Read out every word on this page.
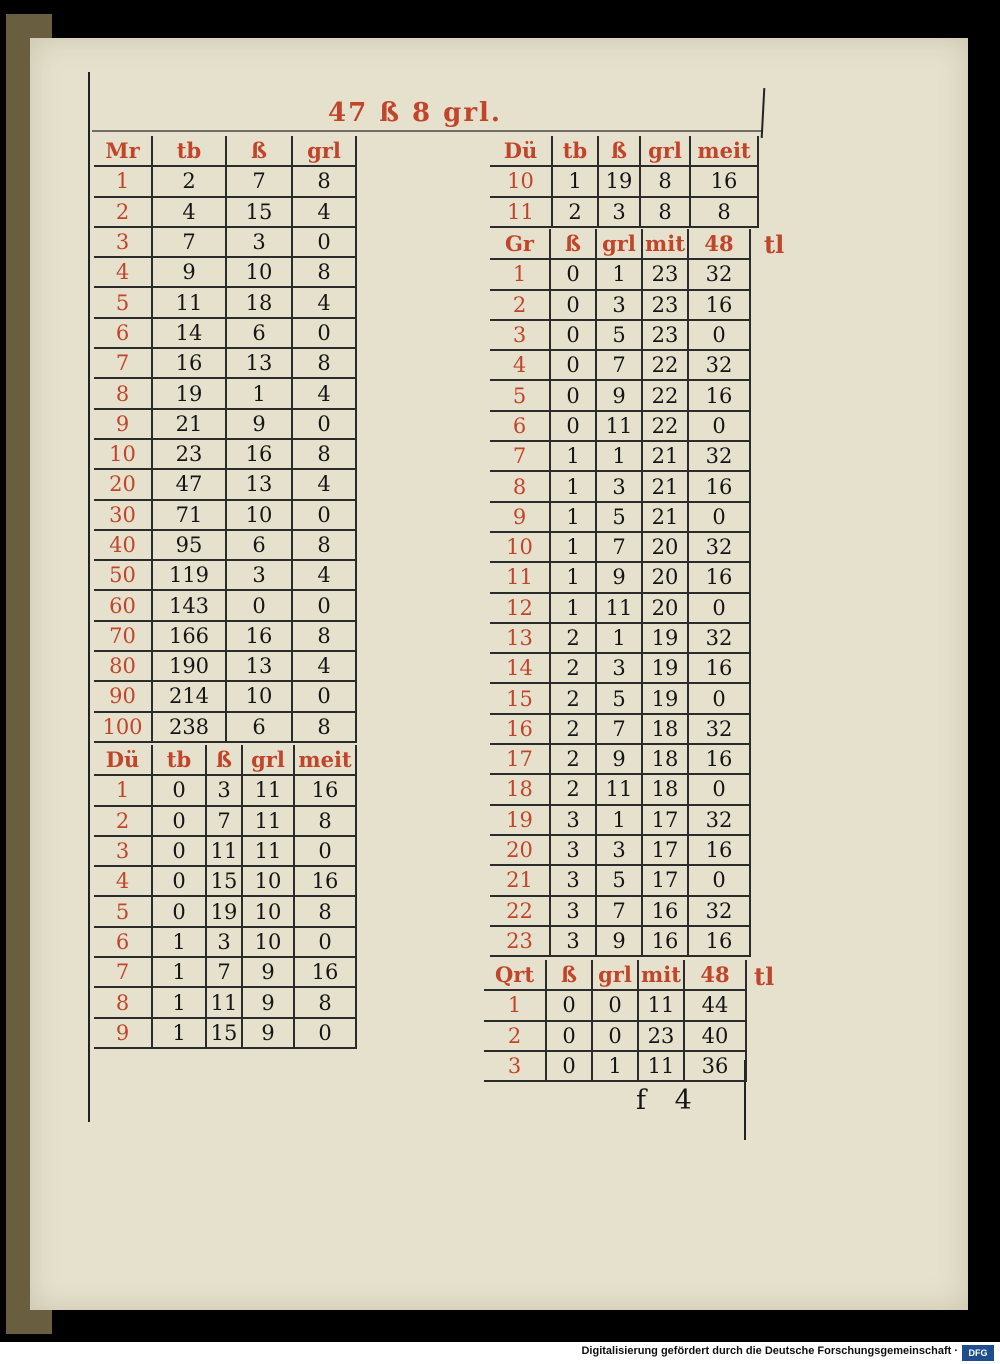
47 ß 8 grl.
Mr	tb	ß	grl
1	2	7	8
2	4	15	4
3	7	3	0
4	9	10	8
5	11	18	4
6	14	6	0
7	16	13	8
8	19	1	4
9	21	9	0
10	23	16	8
20	47	13	4
30	71	10	0
40	95	6	8
50	119	3	4
60	143	0	0
70	166	16	8
80	190	13	4
90	214	10	0
100	238	6	8
Dü	tb	ß	grl	meit
1	0	3	11	16
2	0	7	11	8
3	0	11	11	0
4	0	15	10	16
5	0	19	10	8
6	1	3	10	0
7	1	7	9	16
8	1	11	9	8
9	1	15	9	0
Dü	tb	ß	grl	meit
10	1	19	8	16
11	2	3	8	8
Gr	ß	grl	mit	48
1	0	1	23	32
2	0	3	23	16
3	0	5	23	0
4	0	7	22	32
5	0	9	22	16
6	0	11	22	0
7	1	1	21	32
8	1	3	21	16
9	1	5	21	0
10	1	7	20	32
11	1	9	20	16
12	1	11	20	0
13	2	1	19	32
14	2	3	19	16
15	2	5	19	0
16	2	7	18	32
17	2	9	18	16
18	2	11	18	0
19	3	1	17	32
20	3	3	17	16
21	3	5	17	0
22	3	7	16	32
23	3	9	16	16
tl
Qrt	ß	grl	mit	48
1	0	0	11	44
2	0	0	23	40
3	0	1	11	36
tl
f 4
Digitalisierung gefördert durch die Deutsche Forschungsgemeinschaft ·	DFG
